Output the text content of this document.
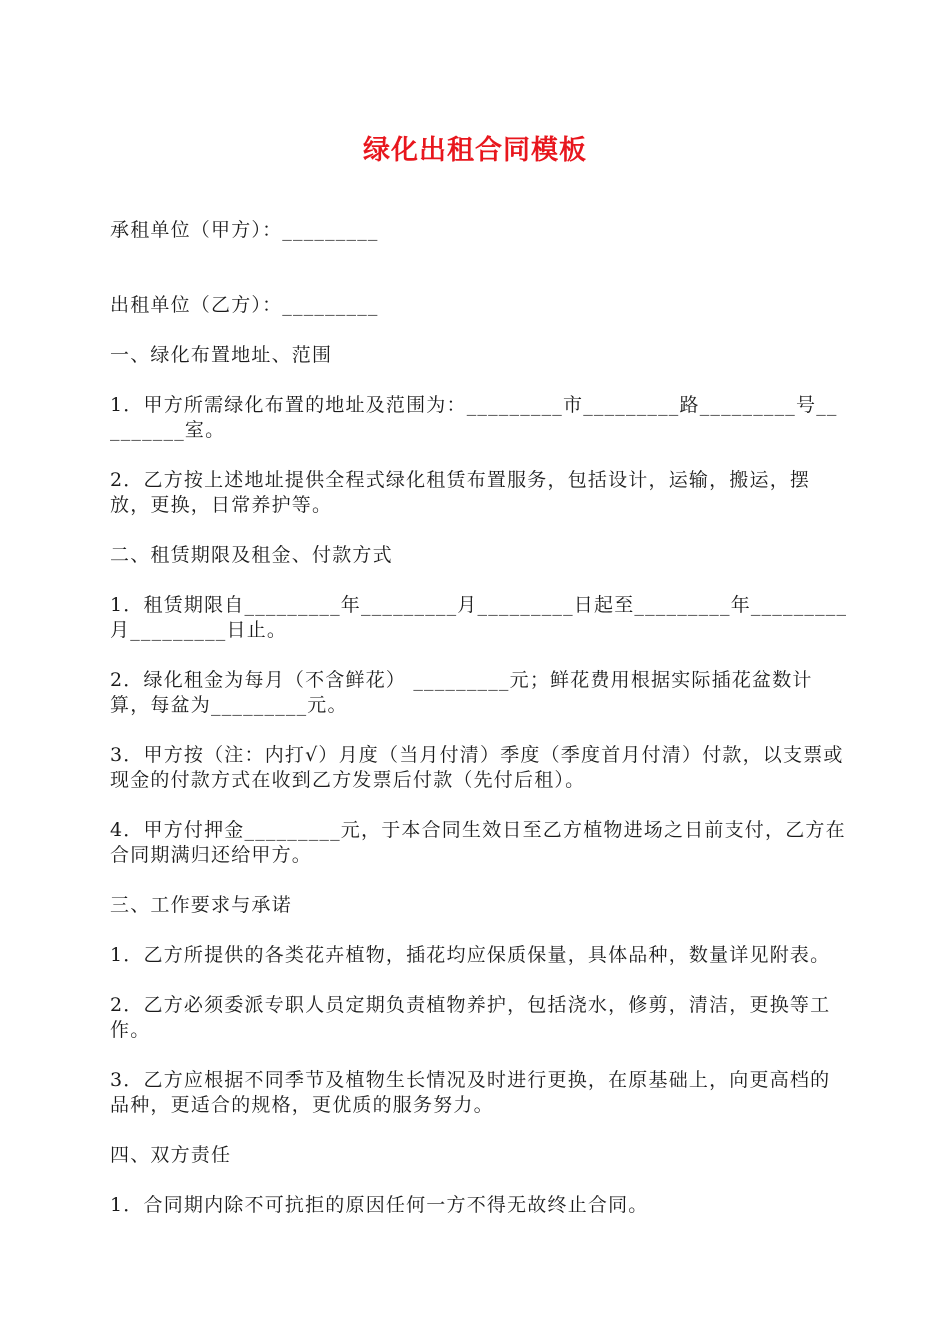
绿化出租合同模板

承租单位（甲方）：_________

出租单位（乙方）：_________

一、绿化布置地址、范围

1．甲方所需绿化布置的地址及范围为：_________市_________路_________号_________室。

2．乙方按上述地址提供全程式绿化租赁布置服务，包括设计，运输，搬运，摆放，更换，日常养护等。

二、租赁期限及租金、付款方式

1．租赁期限自_________年_________月_________日起至_________年_________月_________日止。

2．绿化租金为每月（不含鲜花） _________元；鲜花费用根据实际插花盆数计算，每盆为_________元。

3．甲方按（注：内打√）月度（当月付清）季度（季度首月付清）付款，以支票或现金的付款方式在收到乙方发票后付款（先付后租）。

4．甲方付押金_________元，于本合同生效日至乙方植物进场之日前支付，乙方在合同期满归还给甲方。

三、工作要求与承诺

1．乙方所提供的各类花卉植物，插花均应保质保量，具体品种，数量详见附表。

2．乙方必须委派专职人员定期负责植物养护，包括浇水，修剪，清洁，更换等工作。

3．乙方应根据不同季节及植物生长情况及时进行更换，在原基础上，向更高档的品种，更适合的规格，更优质的服务努力。

四、双方责任

1．合同期内除不可抗拒的原因任何一方不得无故终止合同。
